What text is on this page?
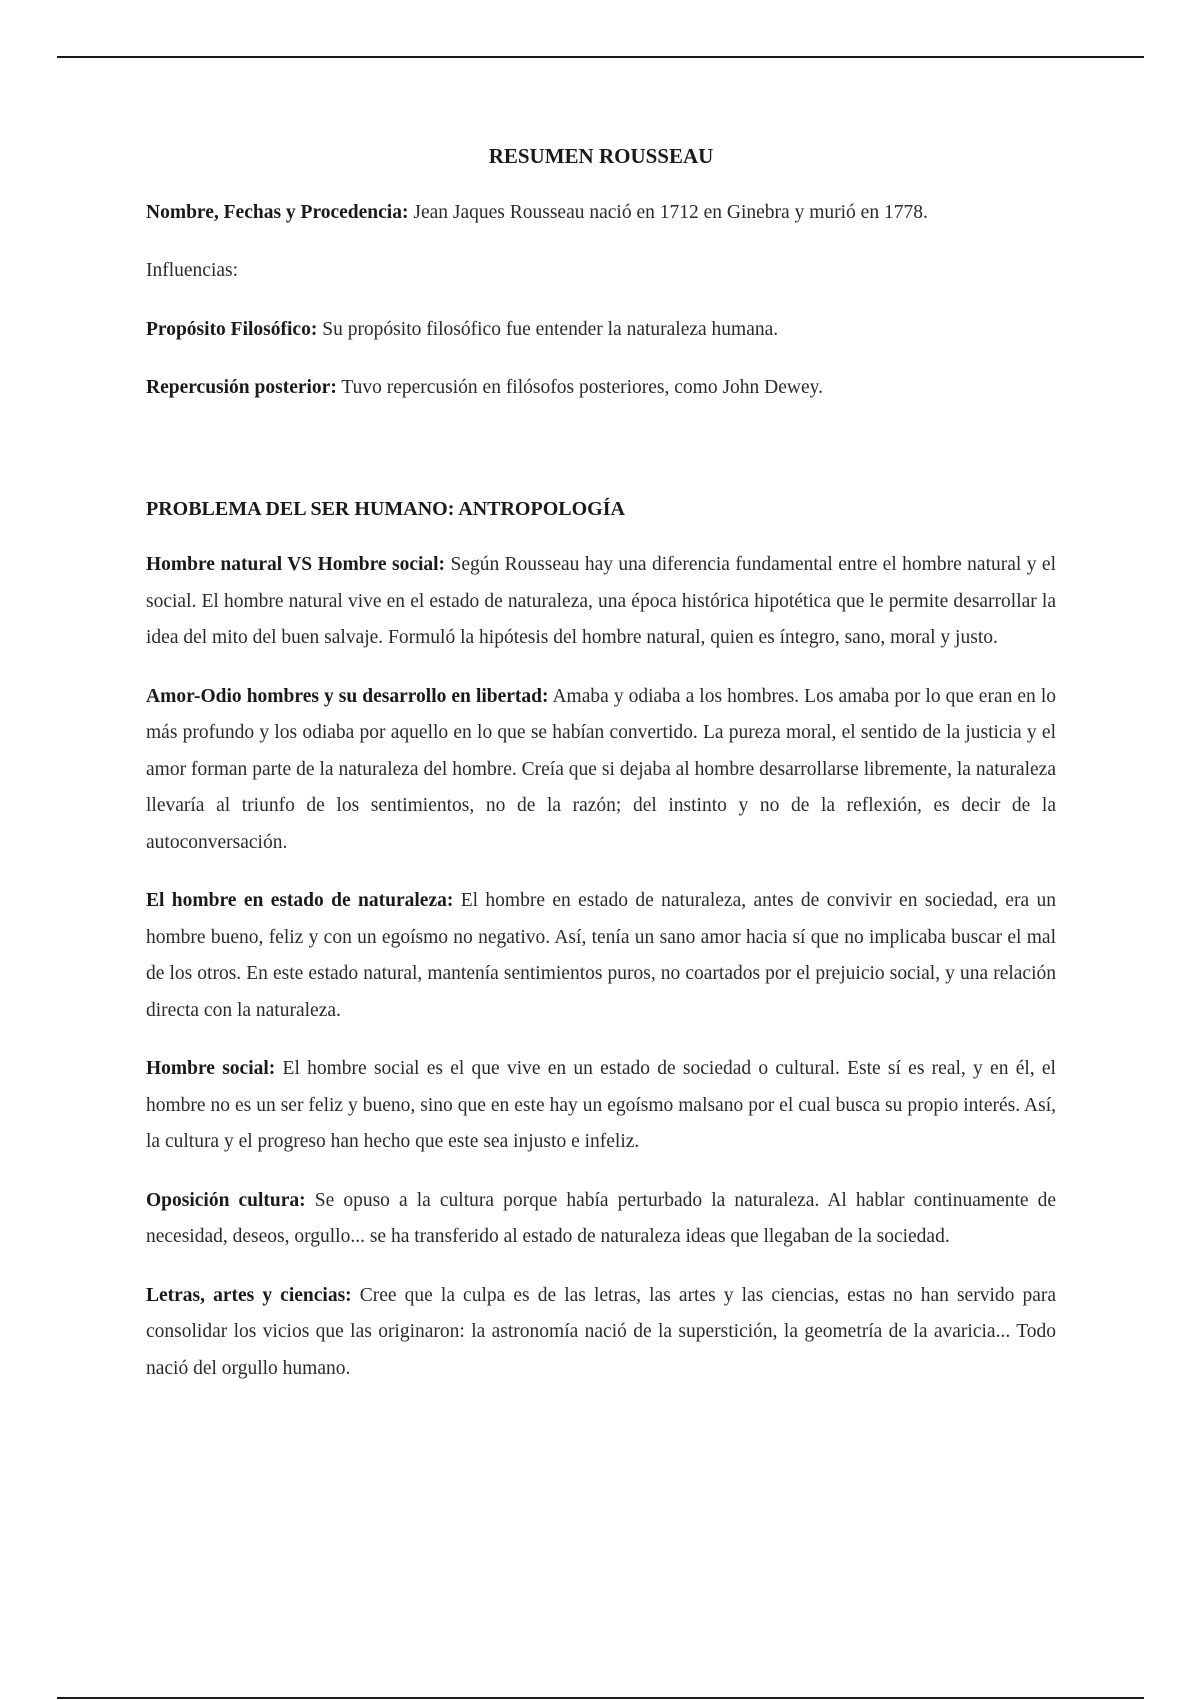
RESUMEN ROUSSEAU

Nombre, Fechas y Procedencia: Jean Jaques Rousseau nació en 1712 en Ginebra y murió en 1778.

Influencias:

Propósito Filosófico: Su propósito filosófico fue entender la naturaleza humana.

Repercusión posterior: Tuvo repercusión en filósofos posteriores, como John Dewey.

PROBLEMA DEL SER HUMANO: ANTROPOLOGÍA

Hombre natural VS Hombre social: Según Rousseau hay una diferencia fundamental entre el hombre natural y el social. El hombre natural vive en el estado de naturaleza, una época histórica hipotética que le permite desarrollar la idea del mito del buen salvaje. Formuló la hipótesis del hombre natural, quien es íntegro, sano, moral y justo.

Amor-Odio hombres y su desarrollo en libertad: Amaba y odiaba a los hombres. Los amaba por lo que eran en lo más profundo y los odiaba por aquello en lo que se habían convertido. La pureza moral, el sentido de la justicia y el amor forman parte de la naturaleza del hombre. Creía que si dejaba al hombre desarrollarse libremente, la naturaleza llevaría al triunfo de los sentimientos, no de la razón; del instinto y no de la reflexión, es decir de la autoconversación.

El hombre en estado de naturaleza: El hombre en estado de naturaleza, antes de convivir en sociedad, era un hombre bueno, feliz y con un egoísmo no negativo. Así, tenía un sano amor hacia sí que no implicaba buscar el mal de los otros. En este estado natural, mantenía sentimientos puros, no coartados por el prejuicio social, y una relación directa con la naturaleza.

Hombre social: El hombre social es el que vive en un estado de sociedad o cultural. Este sí es real, y en él, el hombre no es un ser feliz y bueno, sino que en este hay un egoísmo malsano por el cual busca su propio interés. Así, la cultura y el progreso han hecho que este sea injusto e infeliz.

Oposición cultura: Se opuso a la cultura porque había perturbado la naturaleza. Al hablar continuamente de necesidad, deseos, orgullo... se ha transferido al estado de naturaleza ideas que llegaban de la sociedad.

Letras, artes y ciencias: Cree que la culpa es de las letras, las artes y las ciencias, estas no han servido para consolidar los vicios que las originaron: la astronomía nació de la superstición, la geometría de la avaricia... Todo nació del orgullo humano.
